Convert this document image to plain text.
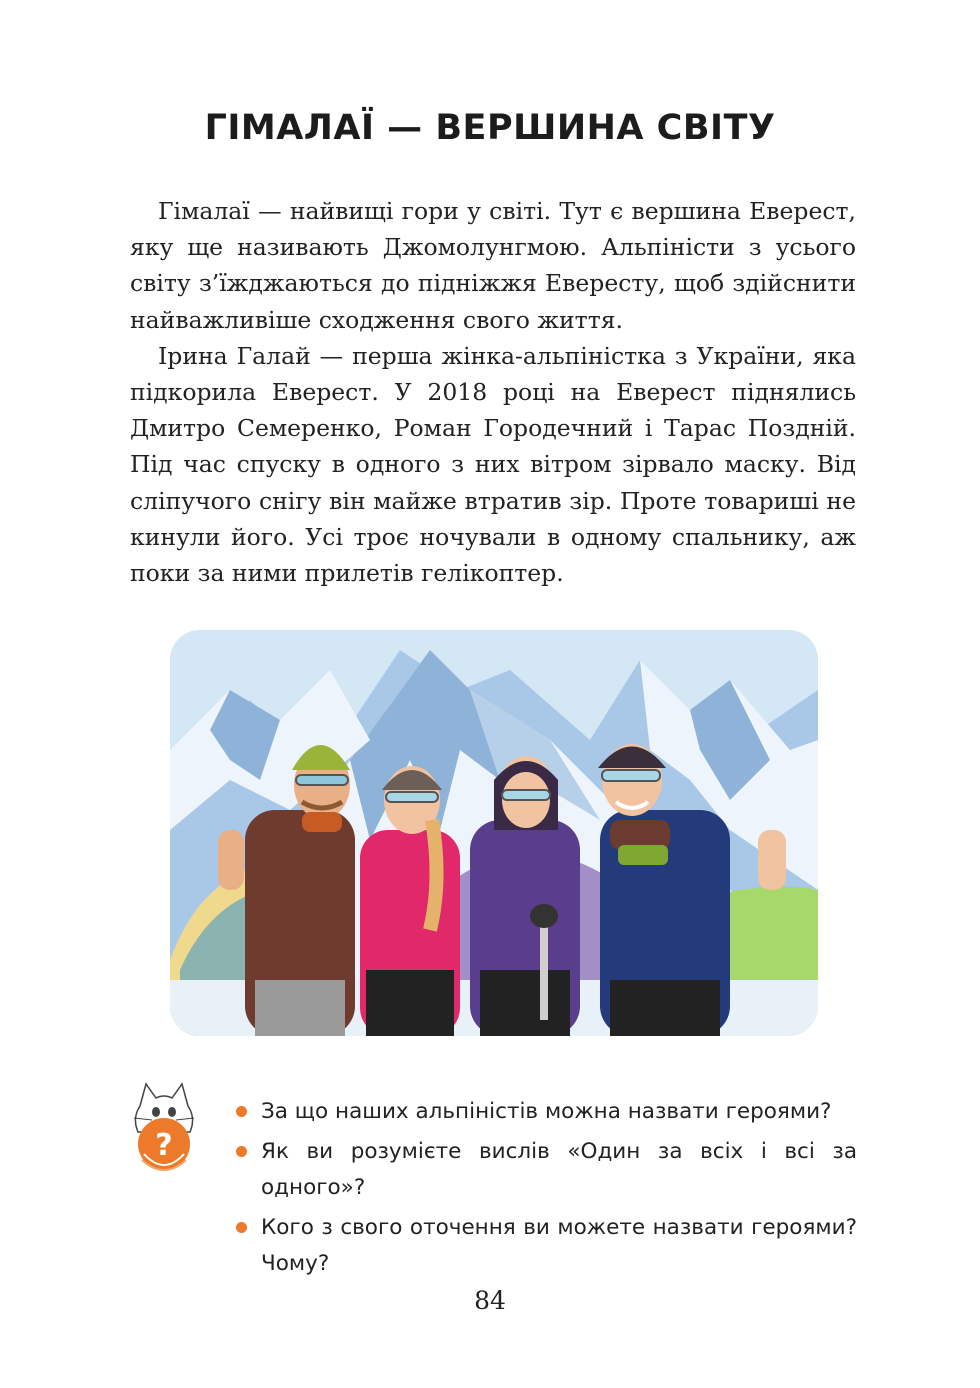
ГІМАЛАЇ — ВЕРШИНА СВІТУ

Гімалаї — найвищі гори у світі. Тут є вершина Еверест, яку ще називають Джомолунгмою. Альпіністи з усього світу з’їжджаються до підніжжя Евересту, щоб здійснити найважливіше сходження свого життя.

Ірина Галай — перша жінка-альпіністка з України, яка підкорила Еверест. У 2018 році на Еверест піднялись Дмитро Семеренко, Роман Городечний і Тарас Поздній. Під час спуску в одного з них вітром зірвало маску. Від сліпучого снігу він майже втратив зір. Проте товариші не кинули його. Усі троє ночували в одному спальнику, аж поки за ними прилетів гелікоптер.

?
За що наших альпіністів можна назвати героями?
Як ви розумієте вислів «Один за всіх і всі за одного»?
Кого з свого оточення ви можете назвати героями? Чому?
84
